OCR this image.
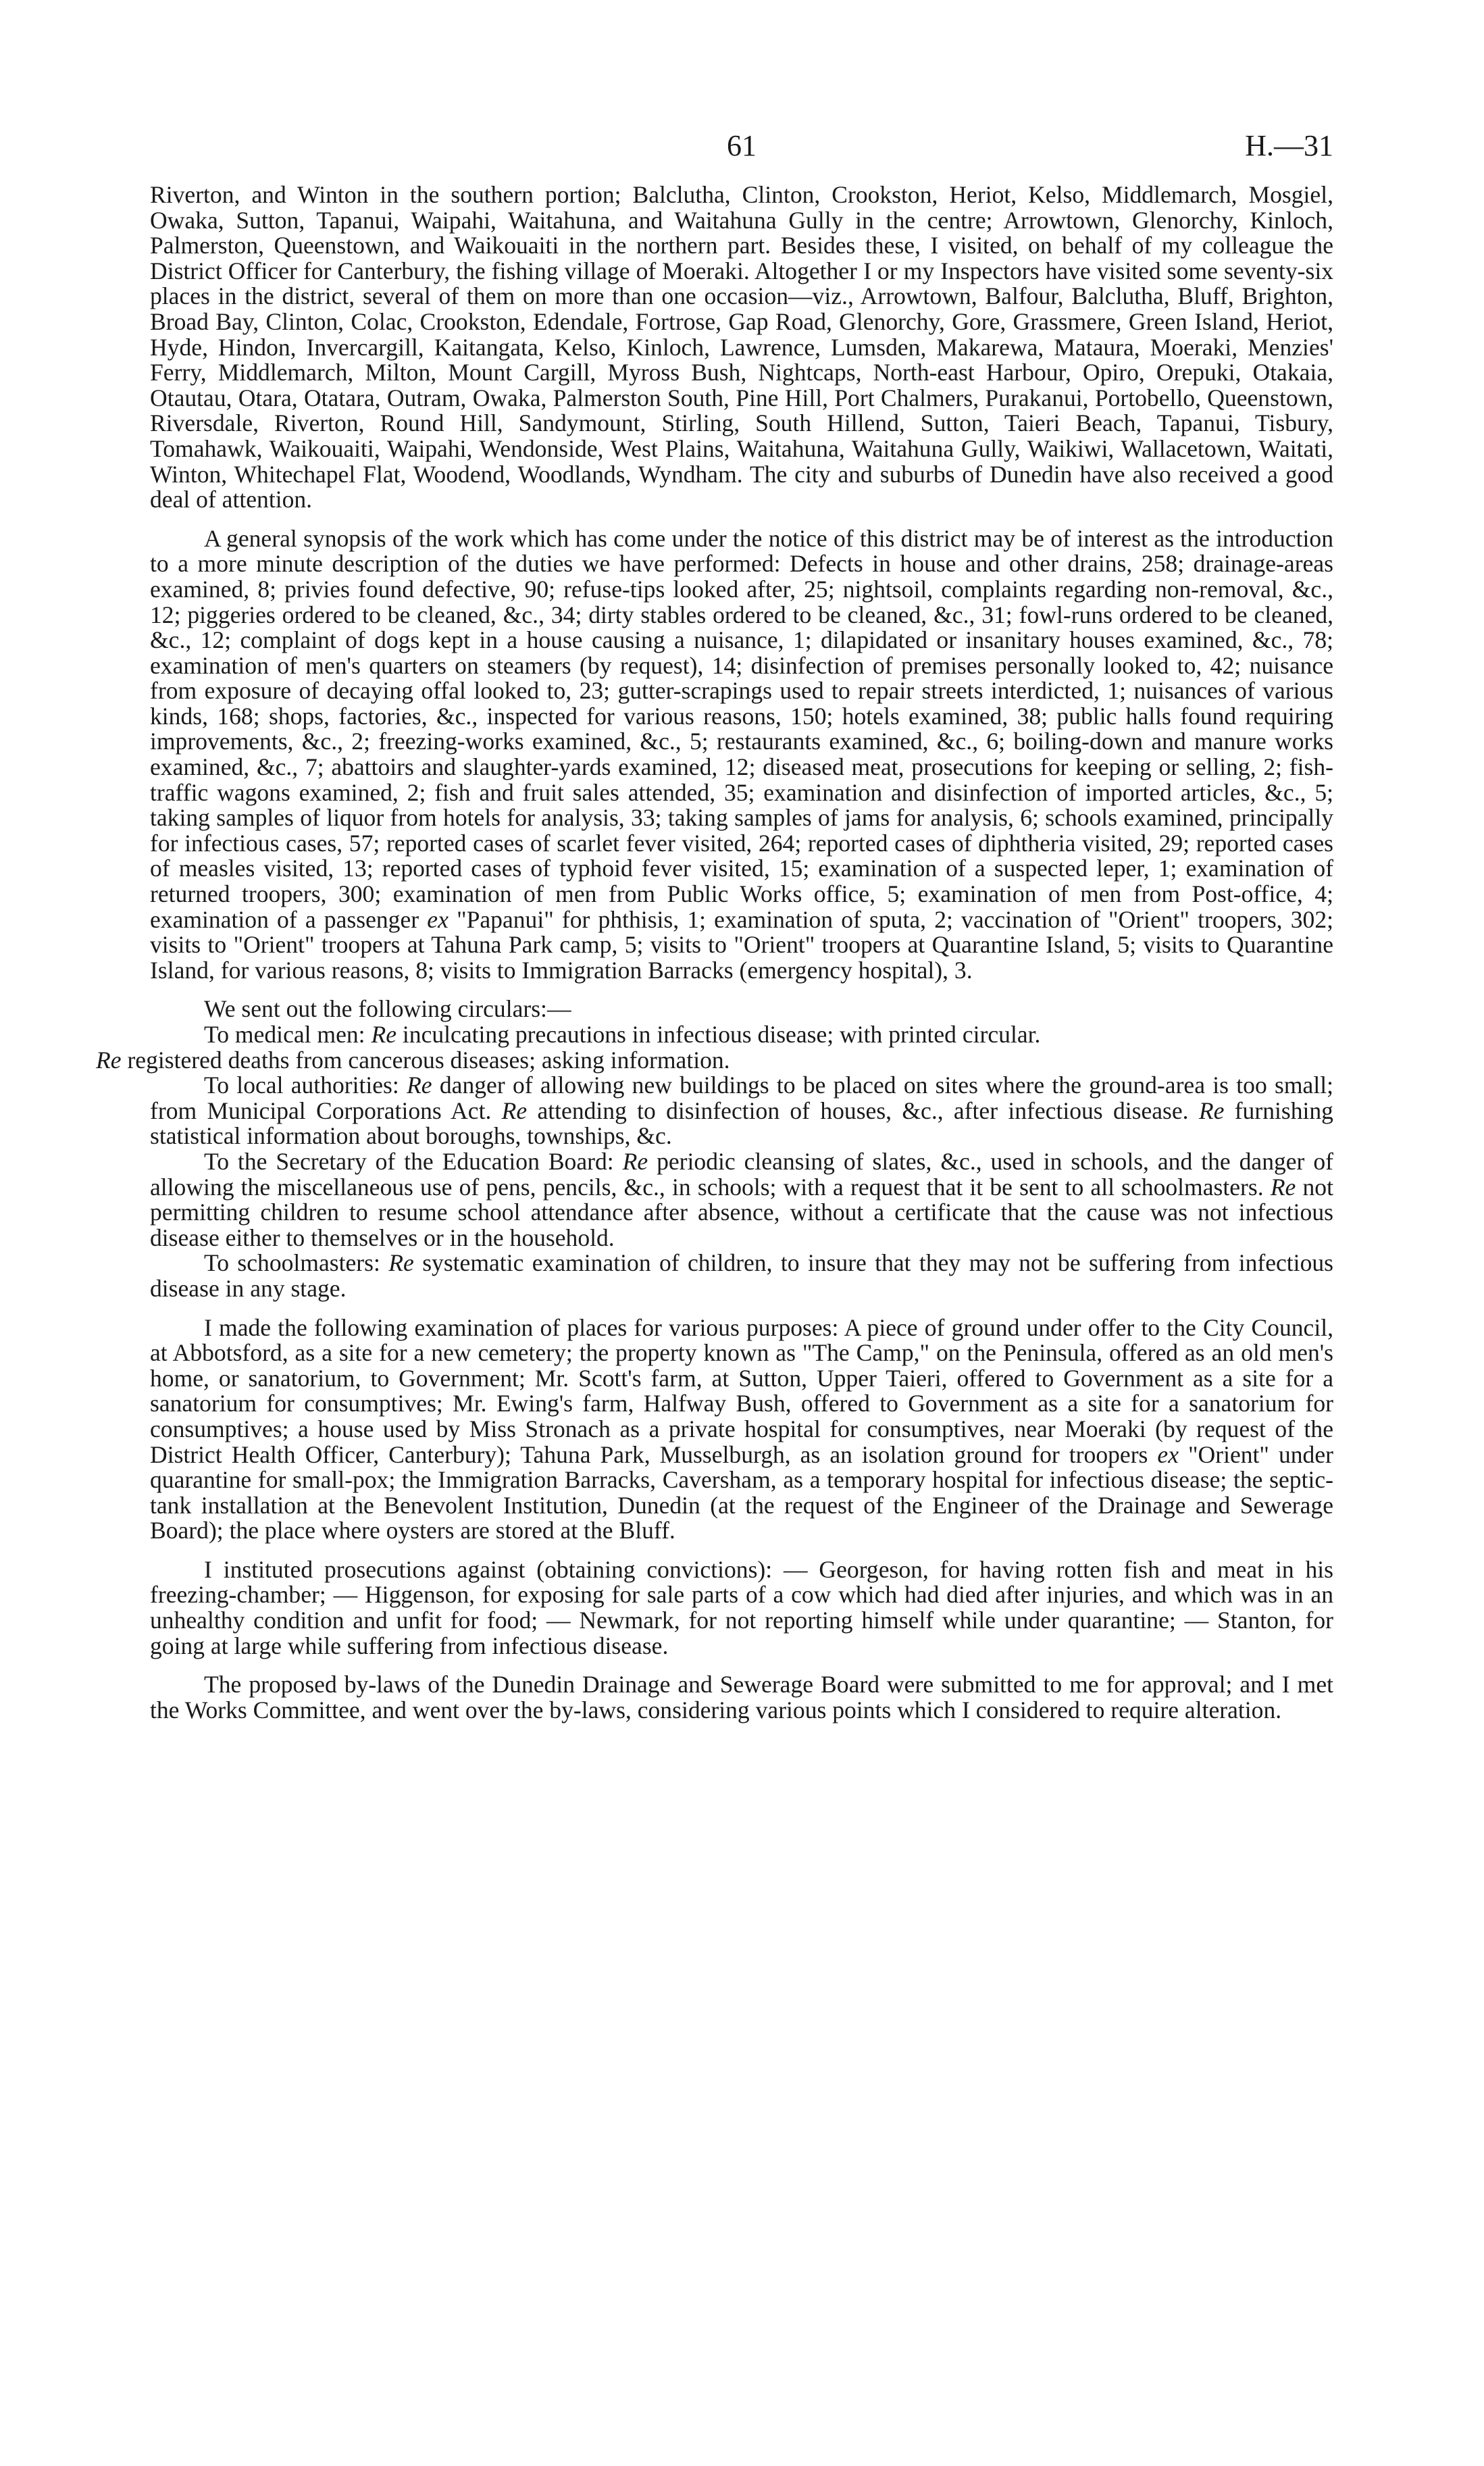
61	H.—31

Riverton, and Winton in the southern portion; Balclutha, Clinton, Crookston, Heriot, Kelso, Middlemarch, Mosgiel, Owaka, Sutton, Tapanui, Waipahi, Waitahuna, and Waitahuna Gully in the centre; Arrowtown, Glenorchy, Kinloch, Palmerston, Queenstown, and Waikouaiti in the northern part. Besides these, I visited, on behalf of my colleague the District Officer for Canterbury, the fishing village of Moeraki. Altogether I or my Inspectors have visited some seventy-six places in the district, several of them on more than one occasion—viz., Arrowtown, Balfour, Balclutha, Bluff, Brighton, Broad Bay, Clinton, Colac, Crookston, Edendale, Fortrose, Gap Road, Glenorchy, Gore, Grassmere, Green Island, Heriot, Hyde, Hindon, Invercargill, Kaitangata, Kelso, Kinloch, Lawrence, Lumsden, Makarewa, Mataura, Moeraki, Menzies' Ferry, Middlemarch, Milton, Mount Cargill, Myross Bush, Nightcaps, North-east Harbour, Opiro, Orepuki, Otakaia, Otautau, Otara, Otatara, Outram, Owaka, Palmerston South, Pine Hill, Port Chalmers, Purakanui, Portobello, Queenstown, Riversdale, Riverton, Round Hill, Sandymount, Stirling, South Hillend, Sutton, Taieri Beach, Tapanui, Tisbury, Tomahawk, Waikouaiti, Waipahi, Wendonside, West Plains, Waitahuna, Waitahuna Gully, Waikiwi, Wallacetown, Waitati, Winton, Whitechapel Flat, Woodend, Woodlands, Wyndham. The city and suburbs of Dunedin have also received a good deal of attention.

A general synopsis of the work which has come under the notice of this district may be of interest as the introduction to a more minute description of the duties we have performed: Defects in house and other drains, 258; drainage-areas examined, 8; privies found defective, 90; refuse-tips looked after, 25; nightsoil, complaints regarding non-removal, &c., 12; piggeries ordered to be cleaned, &c., 34; dirty stables ordered to be cleaned, &c., 31; fowl-runs ordered to be cleaned, &c., 12; complaint of dogs kept in a house causing a nuisance, 1; dilapidated or insanitary houses examined, &c., 78; examination of men's quarters on steamers (by request), 14; disinfection of premises personally looked to, 42; nuisance from exposure of decaying offal looked to, 23; gutter-scrapings used to repair streets interdicted, 1; nuisances of various kinds, 168; shops, factories, &c., inspected for various reasons, 150; hotels examined, 38; public halls found requiring improvements, &c., 2; freezing-works examined, &c., 5; restaurants examined, &c., 6; boiling-down and manure works examined, &c., 7; abattoirs and slaughter-yards examined, 12; diseased meat, prosecutions for keeping or selling, 2; fish-traffic wagons examined, 2; fish and fruit sales attended, 35; examination and disinfection of imported articles, &c., 5; taking samples of liquor from hotels for analysis, 33; taking samples of jams for analysis, 6; schools examined, principally for infectious cases, 57; reported cases of scarlet fever visited, 264; reported cases of diphtheria visited, 29; reported cases of measles visited, 13; reported cases of typhoid fever visited, 15; examination of a suspected leper, 1; examination of returned troopers, 300; examination of men from Public Works office, 5; examination of men from Post-office, 4; examination of a passenger ex "Papanui" for phthisis, 1; examination of sputa, 2; vaccination of "Orient" troopers, 302; visits to "Orient" troopers at Tahuna Park camp, 5; visits to "Orient" troopers at Quarantine Island, 5; visits to Quarantine Island, for various reasons, 8; visits to Immigration Barracks (emergency hospital), 3.

We sent out the following circulars:—

To medical men: Re inculcating precautions in infectious disease; with printed circular.
Re registered deaths from cancerous diseases; asking information.

To local authorities: Re danger of allowing new buildings to be placed on sites where the ground-area is too small; from Municipal Corporations Act. Re attending to disinfection of houses, &c., after infectious disease. Re furnishing statistical information about boroughs, townships, &c.

To the Secretary of the Education Board: Re periodic cleansing of slates, &c., used in schools, and the danger of allowing the miscellaneous use of pens, pencils, &c., in schools; with a request that it be sent to all schoolmasters. Re not permitting children to resume school attendance after absence, without a certificate that the cause was not infectious disease either to themselves or in the household.

To schoolmasters: Re systematic examination of children, to insure that they may not be suffering from infectious disease in any stage.

I made the following examination of places for various purposes: A piece of ground under offer to the City Council, at Abbotsford, as a site for a new cemetery; the property known as "The Camp," on the Peninsula, offered as an old men's home, or sanatorium, to Government; Mr. Scott's farm, at Sutton, Upper Taieri, offered to Government as a site for a sanatorium for consumptives; Mr. Ewing's farm, Halfway Bush, offered to Government as a site for a sanatorium for consumptives; a house used by Miss Stronach as a private hospital for consumptives, near Moeraki (by request of the District Health Officer, Canterbury); Tahuna Park, Musselburgh, as an isolation ground for troopers ex "Orient" under quarantine for small-pox; the Immigration Barracks, Caversham, as a temporary hospital for infectious disease; the septic-tank installation at the Benevolent Institution, Dunedin (at the request of the Engineer of the Drainage and Sewerage Board); the place where oysters are stored at the Bluff.

I instituted prosecutions against (obtaining convictions): — Georgeson, for having rotten fish and meat in his freezing-chamber; — Higgenson, for exposing for sale parts of a cow which had died after injuries, and which was in an unhealthy condition and unfit for food; — Newmark, for not reporting himself while under quarantine; — Stanton, for going at large while suffering from infectious disease.

The proposed by-laws of the Dunedin Drainage and Sewerage Board were submitted to me for approval; and I met the Works Committee, and went over the by-laws, considering various points which I considered to require alteration.
